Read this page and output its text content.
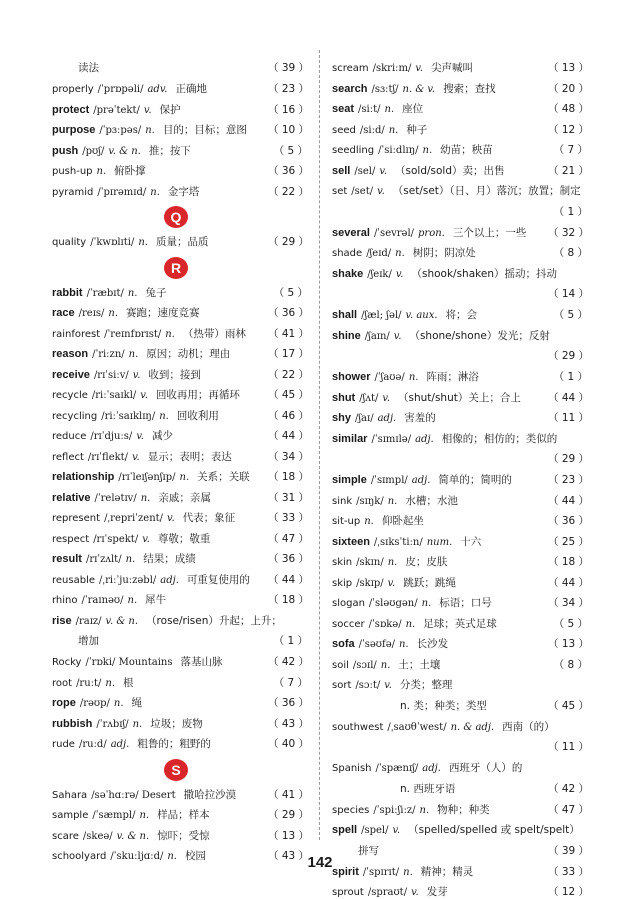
读法	（ 39 ）
properly /ˈprɒpəli/ adv. 正确地	（ 23 ）
protect /prəˈtekt/ v. 保护	（ 16 ）
purpose /ˈpɜːpəs/ n. 目的；目标；意图	（ 10 ）
push /pʊʃ/ v. & n. 推；按下	（ 5 ）
push-up n. 俯卧撑	（ 36 ）
pyramid /ˈpɪrəmɪd/ n. 金字塔	（ 22 ）
Q
quality /ˈkwɒlɪti/ n. 质量；品质	（ 29 ）
R
rabbit /ˈræbɪt/ n. 兔子	（ 5 ）
race /reɪs/ n. 赛跑；速度竞赛	（ 36 ）
rainforest /ˈreɪnfɒrɪst/ n. （热带）雨林	（ 41 ）
reason /ˈriːzn/ n. 原因；动机；理由	（ 17 ）
receive /rɪˈsiːv/ v. 收到；接到	（ 22 ）
recycle /riːˈsaɪkl/ v. 回收再用；再循环	（ 45 ）
recycling /riːˈsaɪklɪŋ/ n. 回收利用	（ 46 ）
reduce /rɪˈdjuːs/ v. 减少	（ 44 ）
reflect /rɪˈflekt/ v. 显示；表明；表达	（ 34 ）
relationship /rɪˈleɪʃənʃɪp/ n. 关系；关联	（ 18 ）
relative /ˈrelətɪv/ n. 亲戚；亲属	（ 31 ）
represent /ˌrepriˈzent/ v. 代表；象征	（ 33 ）
respect /rɪˈspekt/ v. 尊敬；敬重	（ 47 ）
result /rɪˈzʌlt/ n. 结果；成绩	（ 36 ）
reusable /ˌriːˈjuːzəbl/ adj. 可重复使用的	（ 44 ）
rhino /ˈraɪnəʊ/ n. 犀牛	（ 18 ）
rise /raɪz/ v. & n. （rose/risen）升起；上升；
增加	（ 1 ）
Rocky /ˈrɒki/ Mountains 落基山脉	（ 42 ）
root /ruːt/ n. 根	（ 7 ）
rope /rəʊp/ n. 绳	（ 36 ）
rubbish /ˈrʌbɪʃ/ n. 垃圾；废物	（ 43 ）
rude /ruːd/ adj. 粗鲁的；粗野的	（ 40 ）
S
Sahara /səˈhɑːrə/ Desert 撒哈拉沙漠	（ 41 ）
sample /ˈsæmpl/ n. 样品；样本	（ 29 ）
scare /skeə/ v. & n. 惊吓；受惊	（ 13 ）
schoolyard /ˈskuːljɑːd/ n. 校园	（ 43 ）
scream /skriːm/ v. 尖声喊叫	（ 13 ）
search /sɜːtʃ/ n. & v. 搜索；查找	（ 20 ）
seat /siːt/ n. 座位	（ 48 ）
seed /siːd/ n. 种子	（ 12 ）
seedling /ˈsiːdlɪŋ/ n. 幼苗；秧苗	（ 7 ）
sell /sel/ v. （sold/sold）卖；出售	（ 21 ）
set /set/ v. （set/set）（日、月）落沉；放置；制定
（ 1 ）
several /ˈsevrəl/ pron. 三个以上；一些	（ 32 ）
shade /ʃeɪd/ n. 树阴；阴凉处	（ 8 ）
shake /ʃeɪk/ v. （shook/shaken）摇动；抖动
（ 14 ）
shall /ʃæl; ʃəl/ v. aux. 将；会	（ 5 ）
shine /ʃaɪn/ v. （shone/shone）发光；反射
（ 29 ）
shower /ˈʃaʊə/ n. 阵雨；淋浴	（ 1 ）
shut /ʃʌt/ v. （shut/shut）关上；合上	（ 44 ）
shy /ʃaɪ/ adj. 害羞的	（ 11 ）
similar /ˈsɪmɪlə/ adj. 相像的；相仿的；类似的
（ 29 ）
simple /ˈsɪmpl/ adj. 简单的；简明的	（ 23 ）
sink /sɪŋk/ n. 水槽；水池	（ 44 ）
sit-up n. 仰卧起坐	（ 36 ）
sixteen /ˌsɪksˈtiːn/ num. 十六	（ 25 ）
skin /skɪn/ n. 皮；皮肤	（ 18 ）
skip /skɪp/ v. 跳跃；跳绳	（ 44 ）
slogan /ˈsləʊgən/ n. 标语；口号	（ 34 ）
soccer /ˈsɒkə/ n. 足球；英式足球	（ 5 ）
sofa /ˈsəʊfə/ n. 长沙发	（ 13 ）
soil /sɔɪl/ n. 土；土壤	（ 8 ）
sort /sɔːt/ v. 分类；整理
n. 类；种类；类型	（ 45 ）
southwest /ˌsaʊθˈwest/ n. & adj. 西南（的）
（ 11 ）
Spanish /ˈspænɪʃ/ adj. 西班牙（人）的
n. 西班牙语	（ 42 ）
species /ˈspiːʃiːz/ n. 物种；种类	（ 47 ）
spell /spel/ v. （spelled/spelled 或 spelt/spelt）
拼写	（ 39 ）
spirit /ˈspɪrɪt/ n. 精神；精灵	（ 33 ）
sprout /spraʊt/ v. 发芽	（ 12 ）
142
